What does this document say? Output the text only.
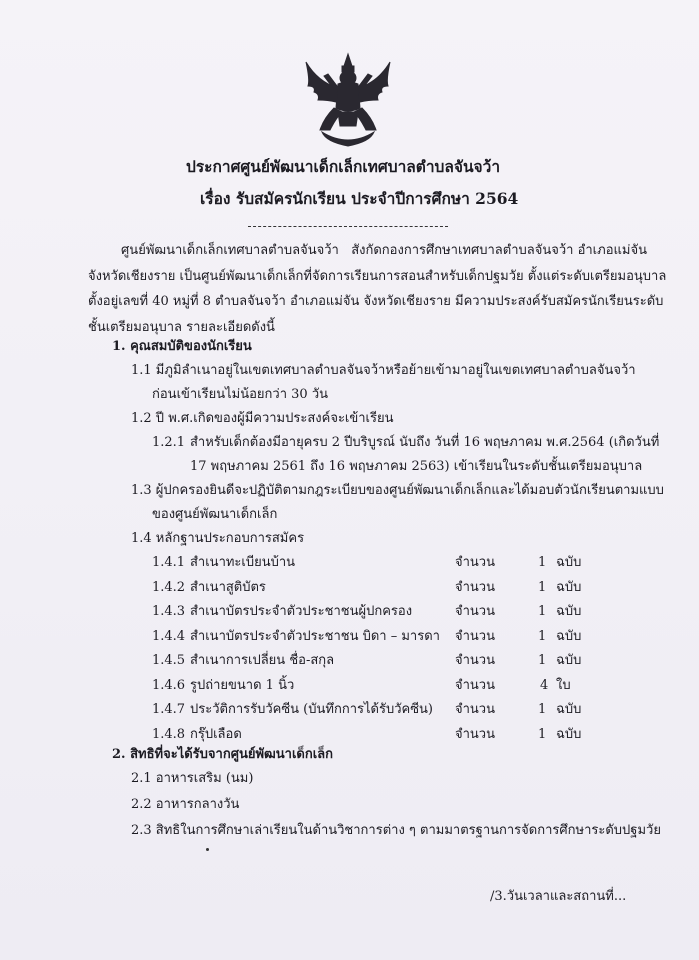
ประกาศศูนย์พัฒนาเด็กเล็กเทศบาลตำบลจันจว้า
เรื่อง รับสมัครนักเรียน ประจำปีการศึกษา 2564
ศูนย์พัฒนาเด็กเล็กเทศบาลตำบลจันจว้า   สังกัดกองการศึกษาเทศบาลตำบลจันจว้า อำเภอแม่จัน
จังหวัดเชียงราย เป็นศูนย์พัฒนาเด็กเล็กที่จัดการเรียนการสอนสำหรับเด็กปฐมวัย ตั้งแต่ระดับเตรียมอนุบาล
ตั้งอยู่เลขที่ 40 หมู่ที่ 8 ตำบลจันจว้า อำเภอแม่จัน จังหวัดเชียงราย มีความประสงค์รับสมัครนักเรียนระดับ
ชั้นเตรียมอนุบาล รายละเอียดดังนี้
1. คุณสมบัติของนักเรียน
1.1 มีภูมิลำเนาอยู่ในเขตเทศบาลตำบลจันจว้าหรือย้ายเข้ามาอยู่ในเขตเทศบาลตำบลจันจว้า
ก่อนเข้าเรียนไม่น้อยกว่า 30 วัน
1.2 ปี พ.ศ.เกิดของผู้มีความประสงค์จะเข้าเรียน
1.2.1 สำหรับเด็กต้องมีอายุครบ 2 ปีบริบูรณ์ นับถึง วันที่ 16 พฤษภาคม พ.ศ.2564 (เกิดวันที่
17 พฤษภาคม 2561 ถึง 16 พฤษภาคม 2563) เข้าเรียนในระดับชั้นเตรียมอนุบาล
1.3 ผู้ปกครองยินดีจะปฏิบัติตามกฎระเบียบของศูนย์พัฒนาเด็กเล็กและได้มอบตัวนักเรียนตามแบบ
ของศูนย์พัฒนาเด็กเล็ก
1.4 หลักฐานประกอบการสมัคร
1.4.1 สำเนาทะเบียนบ้าน	จำนวน	1 ฉบับ
1.4.2 สำเนาสูติบัตร	จำนวน	1 ฉบับ
1.4.3 สำเนาบัตรประจำตัวประชาชนผู้ปกครอง	จำนวน	1 ฉบับ
1.4.4 สำเนาบัตรประจำตัวประชาชน บิดา – มารดา จำนวน	1 ฉบับ
1.4.5 สำเนาการเปลี่ยน ชื่อ-สกุล	จำนวน	1 ฉบับ
1.4.6 รูปถ่ายขนาด 1 นิ้ว	จำนวน	4 ใบ
1.4.7 ประวัติการรับวัคซีน (บันทึกการได้รับวัคซีน) จำนวน	1 ฉบับ
1.4.8 กรุ๊ปเลือด	จำนวน	1 ฉบับ
2. สิทธิที่จะได้รับจากศูนย์พัฒนาเด็กเล็ก
2.1 อาหารเสริม (นม)
2.2 อาหารกลางวัน
2.3 สิทธิในการศึกษาเล่าเรียนในด้านวิชาการต่าง ๆ ตามมาตรฐานการจัดการศึกษาระดับปฐมวัย
/3.วันเวลาและสถานที่...
